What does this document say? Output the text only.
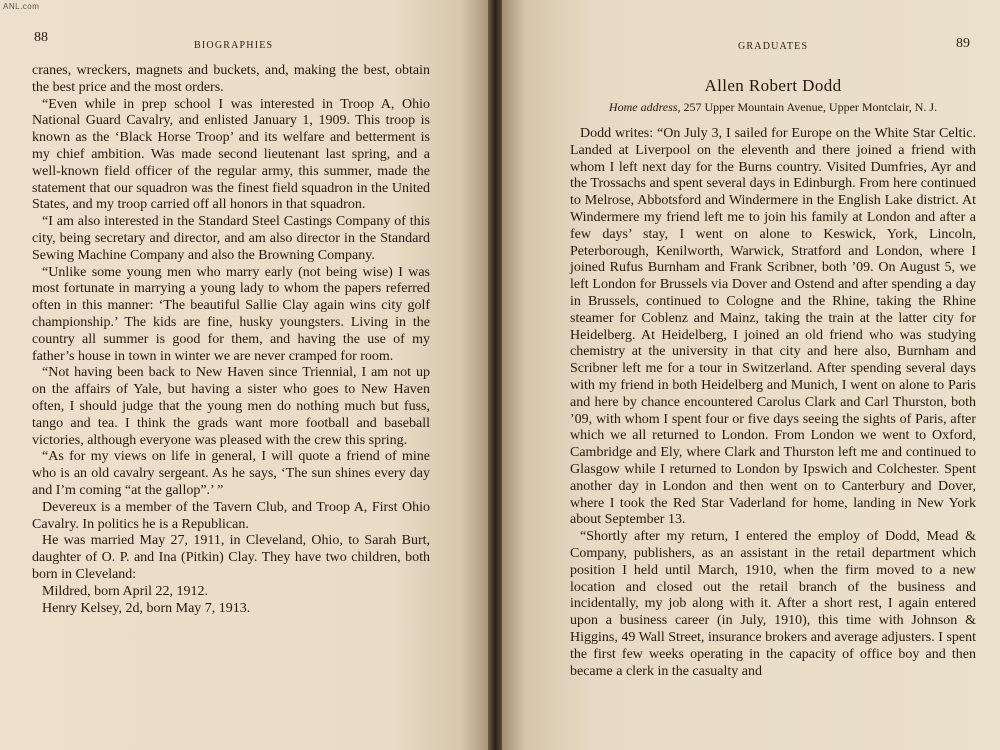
ANL.com
88
BIOGRAPHIES

cranes, wreckers, magnets and buckets, and, making the best, obtain the best price and the most orders.

“Even while in prep school I was interested in Troop A, Ohio National Guard Cavalry, and enlisted January 1, 1909. This troop is known as the ‘Black Horse Troop’ and its welfare and betterment is my chief ambition. Was made second lieutenant last spring, and a well-known field officer of the regular army, this summer, made the statement that our squadron was the finest field squadron in the United States, and my troop carried off all honors in that squadron.

“I am also interested in the Standard Steel Castings Company of this city, being secretary and director, and am also director in the Standard Sewing Machine Company and also the Browning Company.

“Unlike some young men who marry early (not being wise) I was most fortunate in marrying a young lady to whom the papers referred often in this manner: ‘The beautiful Sallie Clay again wins city golf championship.’ The kids are fine, husky youngsters. Living in the country all summer is good for them, and having the use of my father’s house in town in winter we are never cramped for room.

“Not having been back to New Haven since Triennial, I am not up on the affairs of Yale, but having a sister who goes to New Haven often, I should judge that the young men do nothing much but fuss, tango and tea. I think the grads want more football and baseball victories, although everyone was pleased with the crew this spring.

“As for my views on life in general, I will quote a friend of mine who is an old cavalry sergeant. As he says, ‘The sun shines every day and I’m coming “at the gallop”.’ ”

Devereux is a member of the Tavern Club, and Troop A, First Ohio Cavalry. In politics he is a Republican.

He was married May 27, 1911, in Cleveland, Ohio, to Sarah Burt, daughter of O. P. and Ina (Pitkin) Clay. They have two children, both born in Cleveland:

Mildred, born April 22, 1912.

Henry Kelsey, 2d, born May 7, 1913.

89
GRADUATES
Allen Robert Dodd
Home address, 257 Upper Mountain Avenue, Upper Montclair, N. J.

Dodd writes: “On July 3, I sailed for Europe on the White Star Celtic. Landed at Liverpool on the eleventh and there joined a friend with whom I left next day for the Burns country. Visited Dumfries, Ayr and the Trossachs and spent several days in Edinburgh. From here continued to Melrose, Abbotsford and Windermere in the English Lake district. At Windermere my friend left me to join his family at London and after a few days’ stay, I went on alone to Keswick, York, Lincoln, Peterborough, Kenilworth, Warwick, Stratford and London, where I joined Rufus Burnham and Frank Scribner, both ’09. On August 5, we left London for Brussels via Dover and Ostend and after spending a day in Brussels, continued to Cologne and the Rhine, taking the Rhine steamer for Coblenz and Mainz, taking the train at the latter city for Heidelberg. At Heidelberg, I joined an old friend who was studying chemistry at the university in that city and here also, Burnham and Scribner left me for a tour in Switzerland. After spending several days with my friend in both Heidelberg and Munich, I went on alone to Paris and here by chance encountered Carolus Clark and Carl Thurston, both ’09, with whom I spent four or five days seeing the sights of Paris, after which we all returned to London. From London we went to Oxford, Cambridge and Ely, where Clark and Thurston left me and continued to Glasgow while I returned to London by Ipswich and Colchester. Spent another day in London and then went on to Canterbury and Dover, where I took the Red Star Vaderland for home, landing in New York about September 13.

“Shortly after my return, I entered the employ of Dodd, Mead & Company, publishers, as an assistant in the retail department which position I held until March, 1910, when the firm moved to a new location and closed out the retail branch of the business and incidentally, my job along with it. After a short rest, I again entered upon a business career (in July, 1910), this time with Johnson & Higgins, 49 Wall Street, insurance brokers and average adjusters. I spent the first few weeks operating in the capacity of office boy and then became a clerk in the casualty and
